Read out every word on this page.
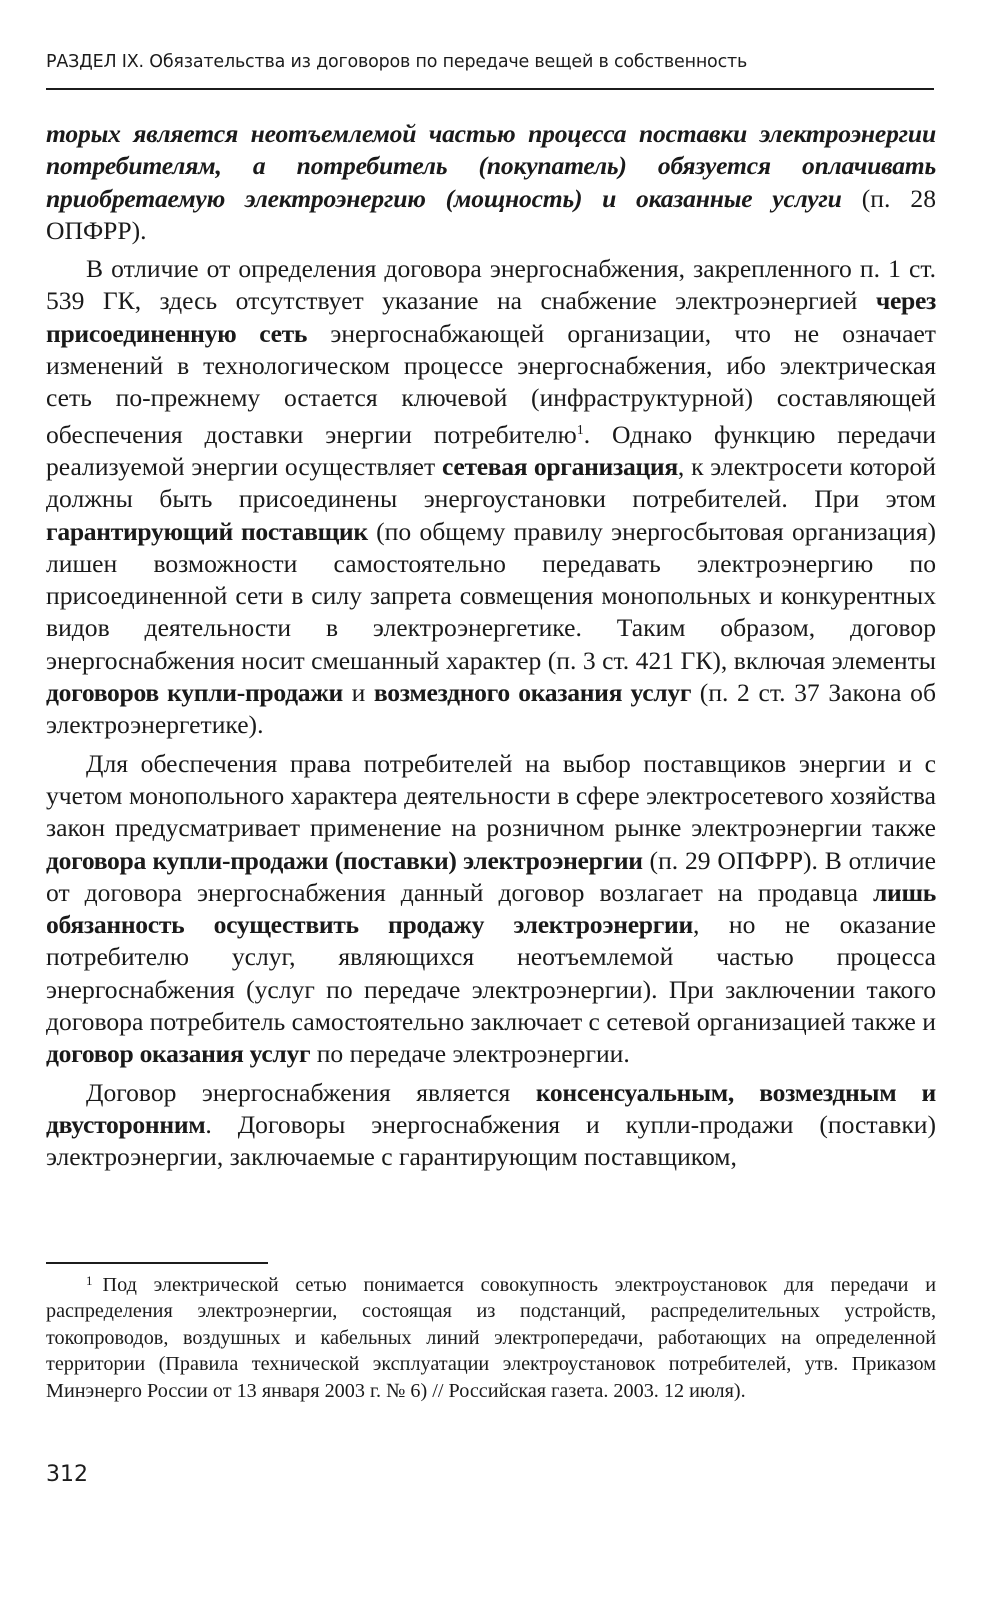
РАЗДЕЛ IX. Обязательства из договоров по передаче вещей в собственность

торых является неотъемлемой частью процесса поставки электроэнергии потребителям, а потребитель (покупатель) обязуется оплачивать приобретаемую электроэнергию (мощность) и оказанные услуги (п. 28 ОПФРР).

В отличие от определения договора энергоснабжения, закрепленного п. 1 ст. 539 ГК, здесь отсутствует указание на снабжение электроэнергией через присоединенную сеть энергоснабжающей организации, что не означает изменений в технологическом процессе энергоснабжения, ибо электрическая сеть по-прежнему остается ключевой (инфраструктурной) составляющей обеспечения доставки энергии потребителю$^1$. Однако функцию передачи реализуемой энергии осуществляет сетевая организация, к электросети которой должны быть присоединены энергоустановки потребителей. При этом гарантирующий поставщик (по общему правилу энергосбытовая организация) лишен возможности самостоятельно передавать электроэнергию по присоединенной сети в силу запрета совмещения монопольных и конкурентных видов деятельности в электроэнергетике. Таким образом, договор энергоснабжения носит смешанный характер (п. 3 ст. 421 ГК), включая элементы договоров купли-продажи и возмездного оказания услуг (п. 2 ст. 37 Закона об электроэнергетике).

Для обеспечения права потребителей на выбор поставщиков энергии и с учетом монопольного характера деятельности в сфере электросетевого хозяйства закон предусматривает применение на розничном рынке электроэнергии также договора купли-продажи (поставки) электроэнергии (п. 29 ОПФРР). В отличие от договора энергоснабжения данный договор возлагает на продавца лишь обязанность осуществить продажу электроэнергии, но не оказание потребителю услуг, являющихся неотъемлемой частью процесса энергоснабжения (услуг по передаче электроэнергии). При заключении такого договора потребитель самостоятельно заключает с сетевой организацией также и договор оказания услуг по передаче электроэнергии.

Договор энергоснабжения является консенсуальным, возмездным и двусторонним. Договоры энергоснабжения и купли-продажи (поставки) электроэнергии, заключаемые с гарантирующим поставщиком,

$^1$ Под электрической сетью понимается совокупность электроустановок для передачи и распределения электроэнергии, состоящая из подстанций, распределительных устройств, токопроводов, воздушных и кабельных линий электропередачи, работающих на определенной территории (Правила технической эксплуатации электроустановок потребителей, утв. Приказом Минэнерго России от 13 января 2003 г. № 6) // Российская газета. 2003. 12 июля).
312
